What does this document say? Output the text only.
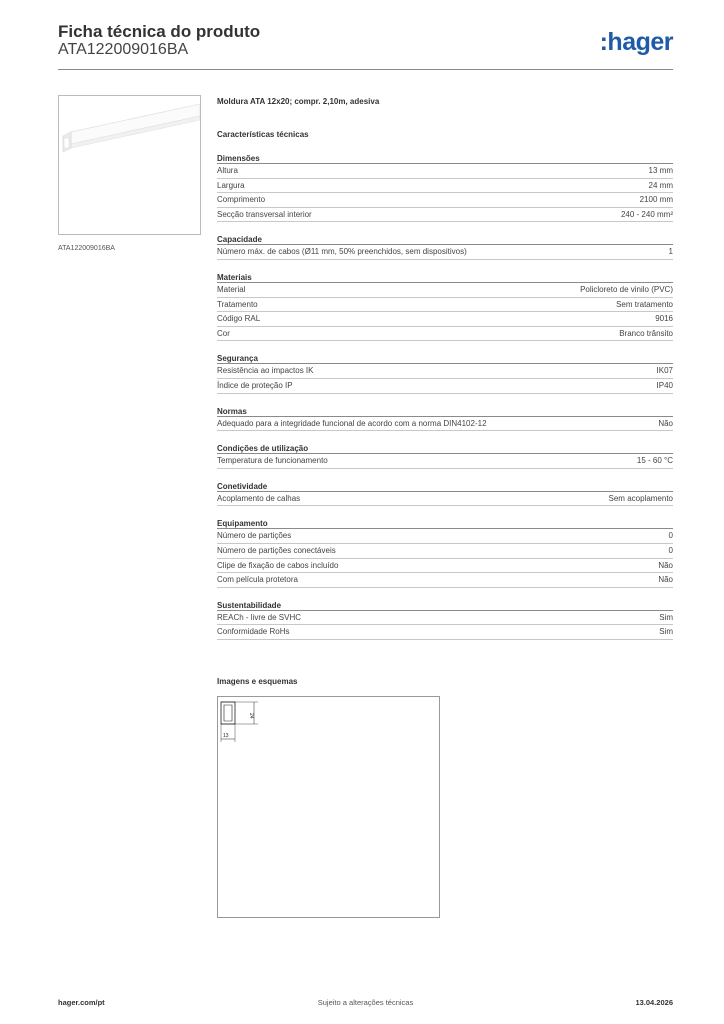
Ficha técnica do produto
ATA122009016BA	:hager
ATA122009016BA
Moldura ATA 12x20; compr. 2,10m, adesiva
Características técnicas
Dimensões
Altura	13 mm
Largura	24 mm
Comprimento	2100 mm
Secção transversal interior	240 - 240 mm²
Capacidade
Número máx. de cabos (Ø11 mm, 50% preenchidos, sem dispositivos)	1
Materiais
Material	Policloreto de vinilo (PVC)
Tratamento	Sem tratamento
Código RAL	9016
Cor	Branco trânsito
Segurança
Resistência ao impactos IK	IK07
Índice de proteção IP	IP40
Normas
Adequado para a integridade funcional de acordo com a norma DIN4102-12	Não
Condições de utilização
Temperatura de funcionamento	15 - 60 °C
Conetividade
Acoplamento de calhas	Sem acoplamento
Equipamento
Número de partições	0
Número de partições conectáveis	0
Clipe de fixação de cabos incluído	Não
Com película protetora	Não
Sustentabilidade
REACh - livre de SVHC	Sim
Conformidade RoHs	Sim
Imagens e esquemas
24
13
hager.com/pt	Sujeito a alterações técnicas	13.04.2026
